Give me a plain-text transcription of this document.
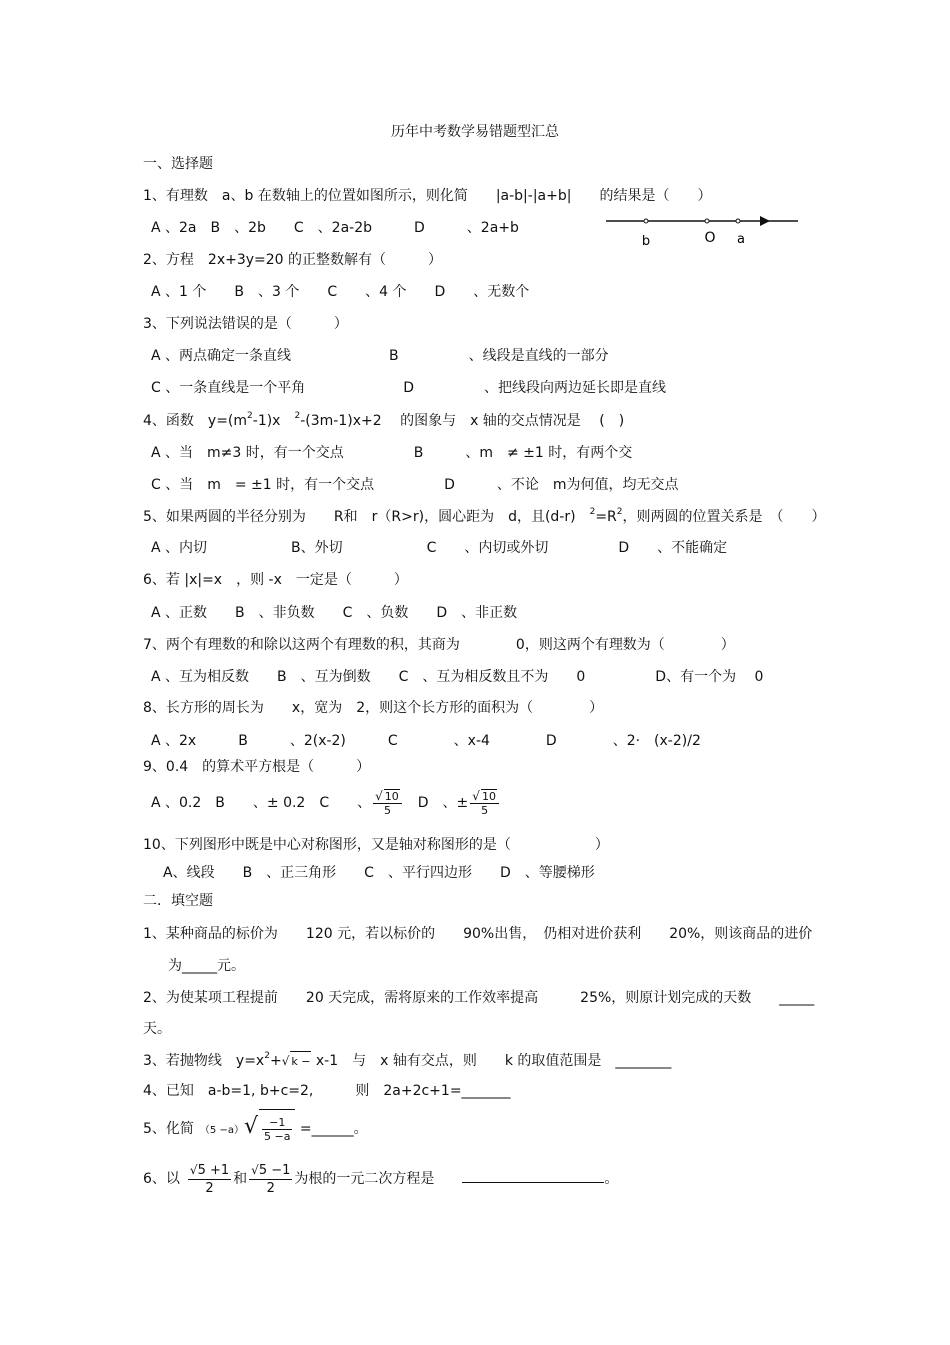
历年中考数学易错题型汇总
一、选择题
1、有理数　a、b 在数轴上的位置如图所示，则化简　　|a-b|-|a+b|　　的结果是（　　）
A 、2a　B　、2b　　C　、2a-2b　　　D　　　、2a+b
b	O a
2、方程　2x+3y=20 的正整数解有（　　　）
A 、1 个　　B　、3 个　　C　　、4 个　　D　　、无数个
3、下列说法错误的是（　　　）
A 、两点确定一条直线　　　　　　　B　　　　　、线段是直线的一部分
C 、一条直线是一个平角　　　　　　　D　　　　　、把线段向两边延长即是直线
4、函数　$y=(m^2-1)x$　$^2$-(3m-1)x+2　 的图象与　x 轴的交点情况是　 (　)
A 、当　m≠3 时，有一个交点　　　　　B　　　、m　≠ ±1 时，有两个交
C 、当　m　= ±1 时，有一个交点　　　　　D　　　、不论　m为何值，均无交点
5、如果两圆的半径分别为　　R和　r（R>r)，圆心距为　d，且(d-r)　$^2=R^2$，则两圆的位置关系是　（　　）
A 、内切　　　　　　B、外切　　　　　　C　　、内切或外切　　　　　D　　、不能确定
6、若 |x|=x　，则 -x　一定是（　　　）
A 、正数　　B　、非负数　　C　、负数　　D　、非正数
7、两个有理数的和除以这两个有理数的积，其商为　　　　0，则这两个有理数为（　　　　）
A 、互为相反数　　B　、互为倒数　　C　、互为相反数且不为　　0　　　　　D、有一个为　 0
8、长方形的周长为　　x，宽为　2，则这个长方形的面积为（　　　　）
A 、2x　　　B　　　、2(x-2)　　　C　　　　、x-4　　　　D　　　　、2·　(x-2)/2
9、0.4　的算术平方根是（　　　）
A 、0.2　B　　、± 0.2　C　　、 $\frac{√ 10}{5}$ 　D　、± $\frac{√ 10}{5}$
10、下列图形中既是中心对称图形，又是轴对称图形的是（　　　　　　）
A、线段　　B　、正三角形　　C　、平行四边形　　D　、等腰梯形
二．填空题
1、某种商品的标价为　　120 元，若以标价的　　90%出售，　仍相对进价获利　　20%，则该商品的进价
为_____元。
2、为使某项工程提前　　20 天完成，需将原来的工作效率提高　　　25%，则原计划完成的天数　　_____
天。
3、若抛物线　$y=x^2+√$ k − x-1　与　x 轴有交点，则　　k 的取值范围是　________
4、已知　a-b=1, b+c=2,　　　则　2a+2c+1=_______
5、化简 $(5 -a)√ \frac{-1}{5 -a}$ =______。
6、以 $\frac{√5 +1}{2}$ 和 $\frac{√5 -1}{2}$ 为根的一元二次方程是　　	。
